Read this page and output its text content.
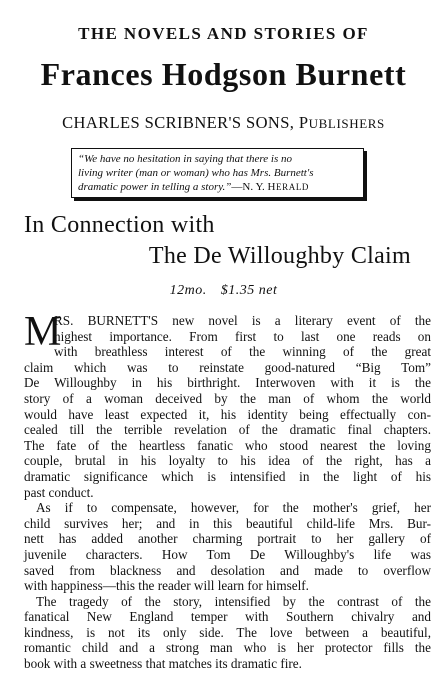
THE NOVELS AND STORIES OF
Frances Hodgson Burnett
CHARLES SCRIBNER'S SONS, PUBLISHERS
“We have no hesitation in saying that there is no
living writer (man or woman) who has Mrs. Burnett's
dramatic power in telling a story.”—N. Y. HERALD
In Connection with
The De Willoughby Claim
12mo. $1.35 net
M
RS. BURNETT'S new novel is a literary event of the
highest importance. From first to last one reads on
with breathless interest of the winning of the great
claim which was to reinstate good-natured “Big Tom”
De Willoughby in his birthright. Interwoven with it is the
story of a woman deceived by the man of whom the world
would have least expected it, his identity being effectually con-
cealed till the terrible revelation of the dramatic final chapters.
The fate of the heartless fanatic who stood nearest the loving
couple, brutal in his loyalty to his idea of the right, has a
dramatic significance which is intensified in the light of his
past conduct.
As if to compensate, however, for the mother's grief, her
child survives her; and in this beautiful child-life Mrs. Bur-
nett has added another charming portrait to her gallery of
juvenile characters. How Tom De Willoughby's life was
saved from blackness and desolation and made to overflow
with happiness—this the reader will learn for himself.
The tragedy of the story, intensified by the contrast of the
fanatical New England temper with Southern chivalry and
kindness, is not its only side. The love between a beautiful,
romantic child and a strong man who is her protector fills the
book with a sweetness that matches its dramatic fire.
